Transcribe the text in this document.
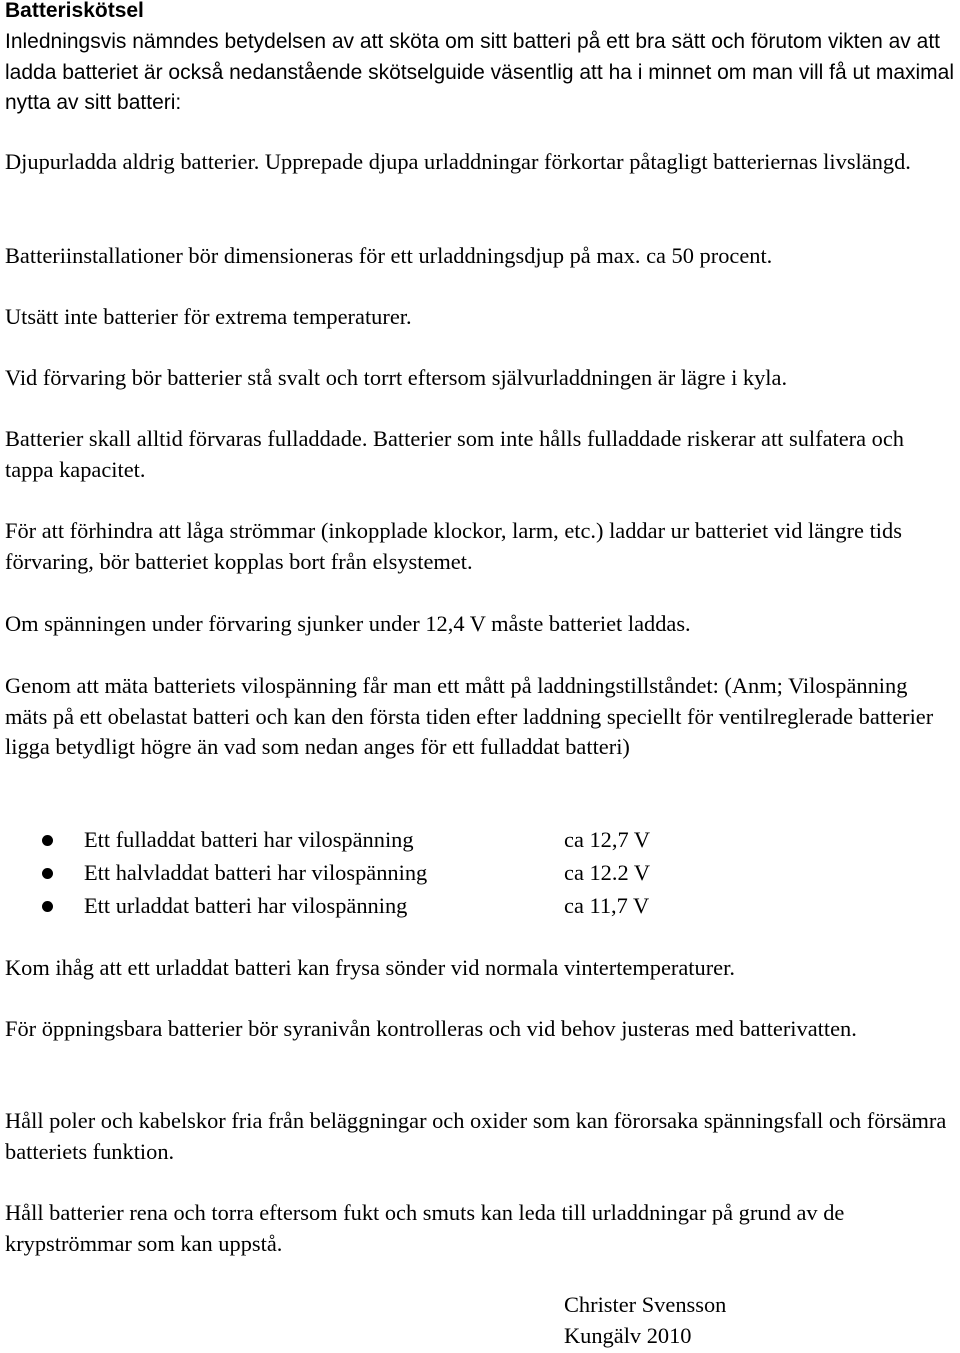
Batteriskötsel
Inledningsvis nämndes betydelsen av att sköta om sitt batteri på ett bra sätt och förutom vikten av att ladda batteriet är också nedanstående skötselguide väsentlig att ha i minnet om man vill få ut maximal nytta av sitt batteri:

Djupurladda aldrig batterier. Upprepade djupa urladdningar förkortar påtagligt batteriernas livslängd.

Batteriinstallationer bör dimensioneras för ett urladdningsdjup på max. ca 50 procent.

Utsätt inte batterier för extrema temperaturer.

Vid förvaring bör batterier stå svalt och torrt eftersom självurladdningen är lägre i kyla.

Batterier skall alltid förvaras fulladdade. Batterier som inte hålls fulladdade riskerar att sulfatera och tappa kapacitet.

För att förhindra att låga strömmar (inkopplade klockor, larm, etc.) laddar ur batteriet vid längre tids förvaring, bör batteriet kopplas bort från elsystemet.

Om spänningen under förvaring sjunker under 12,4 V måste batteriet laddas.

Genom att mäta batteriets vilospänning får man ett mått på laddningstillståndet: (Anm; Vilospänning mäts på ett obelastat batteri och kan den första tiden efter laddning speciellt för ventilreglerade batterier ligga betydligt högre än vad som nedan anges för ett fulladdat batteri)

Ett fulladdat batteri har vilospänning	ca 12,7 V
Ett halvladdat batteri har vilospänning	ca 12.2 V
Ett urladdat batteri har vilospänning	ca 11,7 V

Kom ihåg att ett urladdat batteri kan frysa sönder vid normala vintertemperaturer.

För öppningsbara batterier bör syranivån kontrolleras och vid behov justeras med batterivatten.

Håll poler och kabelskor fria från beläggningar och oxider som kan förorsaka spänningsfall och försämra batteriets funktion.

Håll batterier rena och torra eftersom fukt och smuts kan leda till urladdningar på grund av de krypströmmar som kan uppstå.

Christer Svensson
Kungälv 2010
